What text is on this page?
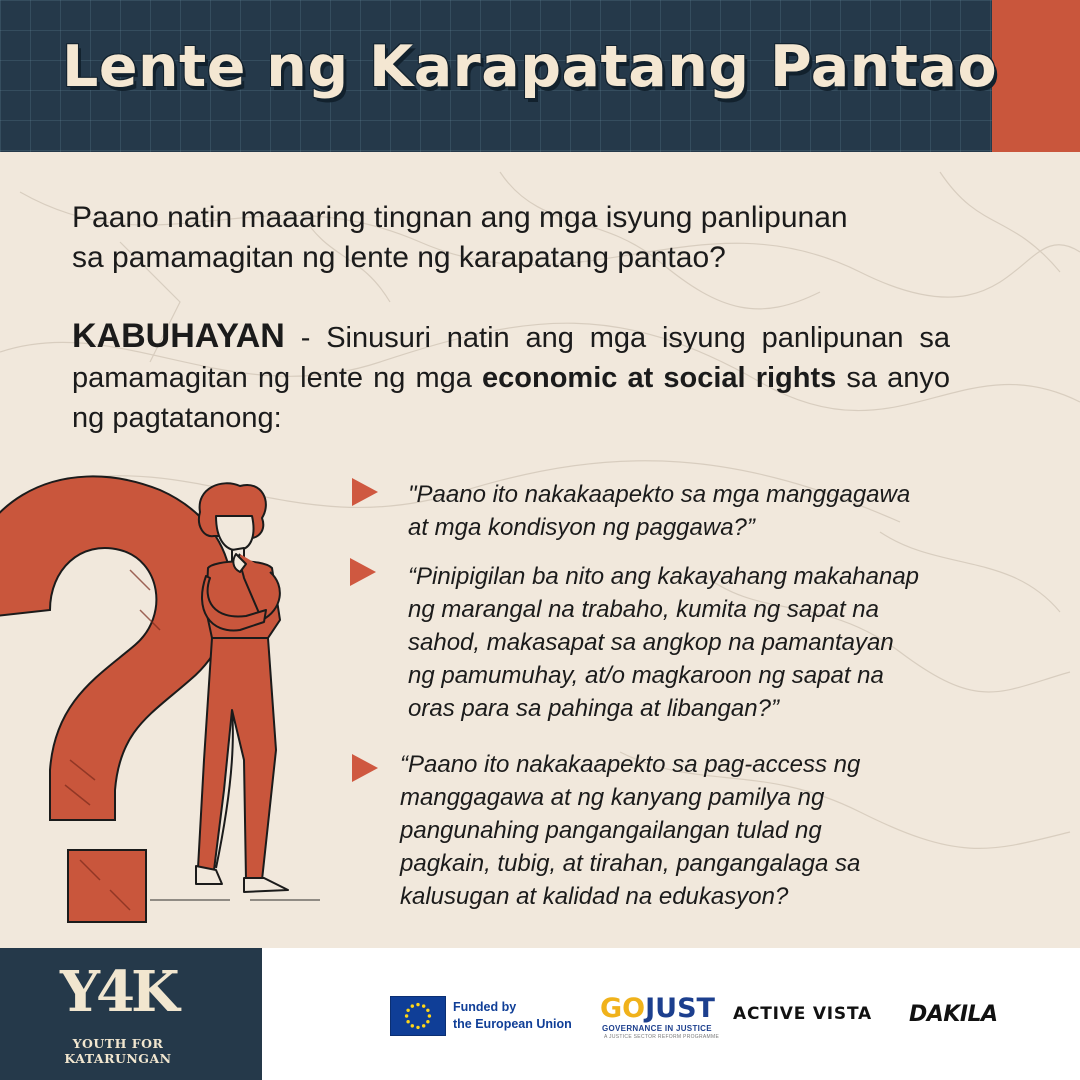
Lente ng Karapatang Pantao
Paano natin maaaring tingnan ang mga isyung panlipunan
sa pamamagitan ng lente ng karapatang pantao?
KABUHAYAN - Sinusuri natin ang mga isyung panlipunan sa pamamagitan ng lente ng mga economic at social rights sa anyo ng pagtatanong:
"Paano ito nakakaapekto sa mga manggagawa
at mga kondisyon ng paggawa?”
“Pinipigilan ba nito ang kakayahang makahanap
ng marangal na trabaho, kumita ng sapat na
sahod, makasapat sa angkop na pamantayan
ng pamumuhay, at/o magkaroon ng sapat na
oras para sa pahinga at libangan?”
“Paano ito nakakaapekto sa pag-access ng
manggagawa at ng kanyang pamilya ng
pangunahing pangangailangan tulad ng
pagkain, tubig, at tirahan, pangangalaga sa
kalusugan at kalidad na edukasyon?
Y4K
YOUTH FOR
KATARUNGAN
Funded by
the European Union GOJUST
GOVERNANCE IN JUSTICE
A JUSTICE SECTOR REFORM PROGRAMME
ACTIVE VISTA DAKILA
